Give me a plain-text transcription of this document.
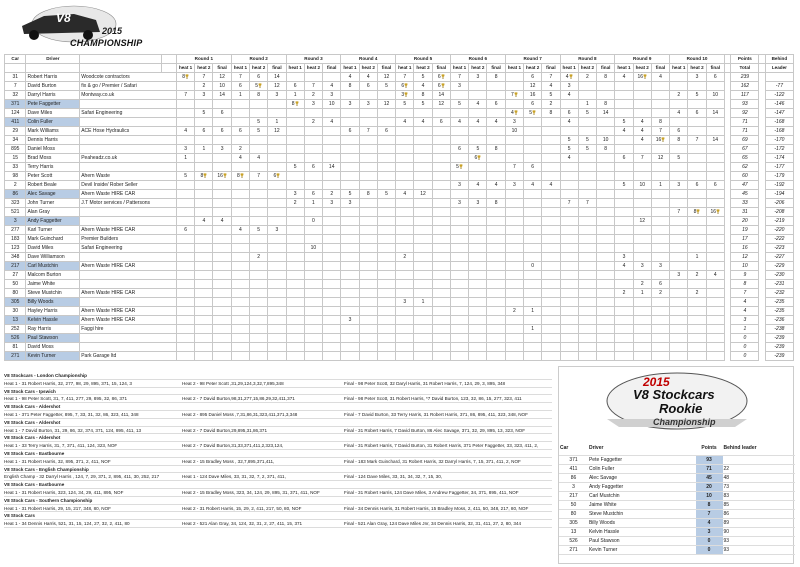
V8
2015
CHAMPIONSHIP
Car	Driver			Round 1			Round 2			Round 3			Round 4			Round 5			Round 6			Round 7			Round 8			Round 9			Round 10				Points		Behind
				heat 1	heat 2	final	heat 1	heat 2	final	heat 1	heat 2	final	heat 1	heat 2	final	heat 1	heat 2	final	heat 1	heat 2	final	heat 1	heat 2	final	heat 1	heat 2	final	heat 1	heat 2	final	heat 1	heat 2	final		Total		Leader
31	Robert Harris	Woodcote contractors		8	7	12	7	6	14				4	4	12	7	5	6	7	3	8		6	7	4	2	8	4	16	4		3	6		239		
7	David Burton	fix & go / Premier / Safari			2	10	6	5	12	6	7	4	8	6	5	6	4	6	3				12	4	3										162		-77
32	Darryl Harris	Montway.co.uk		7	3	14	1	8	3	1	2	3				3	8	14				7	16	5	4						2	5	10		117		-122
371	Pete Faggetter									8	3	10	3	3	12	5	5	12	5	4	6		6	2		1	8								93		-146
124	Dave Miles	Safari Engineering			5	6																4	5	8	6	5	14				4	6	14		92		-147
411	Colin Fuller							5	1		2	4				4	4	6	4	4	4	3			4			5	4	8					71		-168
29	Mark Williams	ACE Hose Hydraulics		4	6	6	6	5	12				6	7	6							10						4	4	7	6				71		-168
34	Dennis Harris																								5	5	10		4	16	8	7	14		69		-170
895	Daniel Moss			3	1	3	2												6	5	8				5	5	8								67		-172
15	Brad Moss	Peaheadz.co.uk		1			4	4												6					4			6	7	12	5				65		-174
33	Terry Harris									5	6	14							5			7	6												62		-177
98	Peter Scott	Ahern Waste		5	8	16	8	7	6																										60		-179
2	Robert Beale	Devil Inside/ Rober Seller																	3	4	4	3	4	4				5	10	1	3	6	6		47		-192
86	Alec Savage	Ahern Waste HIRE CAR								3	6	2	5	8	5	4	12																		45		-194
323	John Turner	J.T Motor services / Pattersons								2	1	3	3						3	3	8				7	7									33		-206
521	Alan Gray																														7	8	16		31		-208
3	Andy Faggetter				4	4					0																		12						20		-219
277	Karl Turner	Ahern Waste HIRE CAR		6			4	5	3																										19		-220
183	Mark Guinchard	Premier Builders																																	17		-222
123	David Miles	Safari Engineering									10																								16		-223
348	Dave Williamson							2								2												3				1			12		-227
217	Carl Mustchin	Ahern Waste HIRE CAR																					0					4	3	3					10		-229
27	Malcom Burton																														3	2	4		9		-230
50	Jaime White																												2	6					8		-231
80	Steve Mustchin	Ahern Waste HIRE CAR																										2	1	2		2			7		-232
305	Billy Woods															3	1																		4		-235
30	Hayley Harris	Ahern Waste HIRE CAR																				2	1												4		-235
13	Kelvin Hassle	Ahern Waste HIRE CAR											3																						3		-236
252	Ray Harris	Faggi hire																					1												1		-238
526	Paul Stawson																																		0		-239
81	David Moss																																		0		-239
271	Kevin Turner	Park Garage ltd																																	0		-239
V8 Stockcars - London Championship
Heat 1 - 31 Robert Harris, 32, 277, 98, 29, 895, 371, 15, 124, 3	Heat 2 - 98 Peter Scott ,31,29,124,3,32,7,895,348	Final - 98 Peter Scott, 32 Daryl Harris, 31 Robert Harris, 7, 124, 29, 3, 895, 348
V8 Stock Cars - Ipswich
Heat 1 - 98 Peter Scott, 31, 7, 411, 277, 29, 895, 32, 86, 371	Heat 2 - 7 David Burton,98,31,277,15,86,29,32,411,371	Final - 98 Peter Scott, 31 Robert Harris, *7 David Burton, 123, 32, 86, 15, 277, 323, 411
V8 Stock Cars - Aldershot
Heat 1 - 371 Peter Faggetter, 895, 7, 33, 31, 32, 86, 323, 411, 348	Heat 2 - 895 Daniel Moss ,7,31,86,31,323,411,371,3,348	Final - 7 David Burton, 33 Terry Harris, 31 Robert Harris, 371, 86, 895, 411, 323, 348, NOF
V8 Stock Cars - Aldershot
Heat 1 - 7 David Burton, 31, 29, 86, 32, 374, 371, 124, 895, 411, 13	Heat 2 - 7 David Burton,29,895,31,86,371	Final - 31 Robert Harris, 7 David Burton, 86 Alec Savage, 371, 32, 29, 895, 13, 323, NOF
V8 Stock Cars - Aldershot
Heat 1 - 33 Terry Harris, 31, 7, 371, 411, 124, 323, NOF	Heat 2 - 7 David Burton,31,33,371,411,2,323,124,	Final - 31 Robert Harris, 7 David Burton, 31 Robert Harris, 371 Peter Faggetter, 33, 323, 411, 2,
V8 Stock Cars - Eastbourne
Heat 1 - 31 Robert Harris, 32, 895, 371, 2, 411, NOF	Heat 2 - 15 Bradley Moss , 32,7,895,371,411,	Final - 183 Mark Guinchard, 31 Robert Harris, 32 Darryl Harris, 7, 15, 371, 411, 2, NOF
V8 Stock Cars - English Championship
English Champ - 32 Darryl Harris , 124, 7, 29, 371, 2, 895, 411, 30, 252, 217	Heat 1 - 124 Dave Miles, 33, 31, 32, 7, 2, 371, 411,	Final - 124 Dave Miles, 33, 31, 34, 32, 7, 15, 30,
V8 Stock Cars - Eastbourne
Heat 1 - 31 Robert Harris, 323, 124, 34, 29, 411, 895, NOF	Heat 2 - 15 Bradley Moss, 323, 34, 124, 29, 895, 31, 371, 411, NOF	Final - 31 Robert Harris, 124 Dave Miles, 3 Andrew Faggetter, 34, 371, 895, 411, NOF
V8 Stock Cars - Southern Championship
Heat 1 - 31 Robert Harris, 29, 15, 217, 348, 80, NOF	Heat 2 - 31 Robert Harris, 15, 29, 2, 411, 217, 50, 80, NOF	Final - 34 Dennis Harris, 31 Robert Harris, 15 Bradley Moss, 2, 411, 50, 348, 217, 80, NOF
V8 Stock Cars
Heat 1 - 34 Dennis Harris, 521, 31, 15, 124, 27, 32, 2, 411, 80	Heat 2 - 521 Alan Gray, 34, 124, 32, 31, 2, 27, 411, 15, 371	Final - 521 Alan Gray, 124 Dave Miles Jnr, 34 Dennis Harris, 32, 31, 411, 27, 2, 80, 344
2015
V8 Stockcars
Rookie
Championship
Car	Driver		Points	Behind leader
371	Pete Faggetter		93	
411	Colin Fuller		71	22
86	Alec Savage		45	48
3	Andy Faggetter		20	73
217	Carl Mustchin		10	83
50	Jaime White		8	85
80	Steve Mustchin		7	86
305	Billy Woods		4	89
13	Kelvin Hassle		3	90
526	Paul Stawson		0	93
271	Kevin Turner		0	93
